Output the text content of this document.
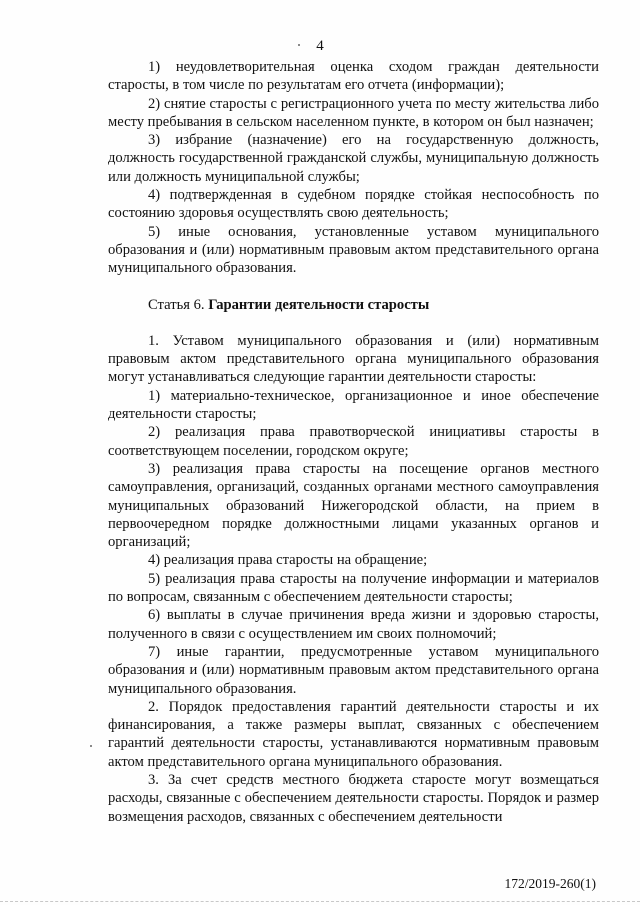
4

1) неудовлетворительная оценка сходом граждан деятельности старосты, в том числе по результатам его отчета (информации);

2) снятие старосты с регистрационного учета по месту жительства либо месту пребывания в сельском населенном пункте, в котором он был назначен;

3) избрание (назначение) его на государственную должность, должность государственной гражданской службы, муниципальную должность или должность муниципальной службы;

4) подтвержденная в судебном порядке стойкая неспособность по состоянию здоровья осуществлять свою деятельность;

5) иные основания, установленные уставом муниципального образования и (или) нормативным правовым актом представительного органа муниципального образования.

Статья 6. Гарантии деятельности старосты

1. Уставом муниципального образования и (или) нормативным правовым актом представительного органа муниципального образования могут устанавливаться следующие гарантии деятельности старосты:

1) материально-техническое, организационное и иное обеспечение деятельности старосты;

2) реализация права правотворческой инициативы старосты в соответствующем поселении, городском округе;

3) реализация права старосты на посещение органов местного самоуправления, организаций, созданных органами местного самоуправления муниципальных образований Нижегородской области, на прием в первоочередном порядке должностными лицами указанных органов и организаций;

4) реализация права старосты на обращение;

5) реализация права старосты на получение информации и материалов по вопросам, связанным с обеспечением деятельности старосты;

6) выплаты в случае причинения вреда жизни и здоровью старосты, полученного в связи с осуществлением им своих полномочий;

7) иные гарантии, предусмотренные уставом муниципального образования и (или) нормативным правовым актом представительного органа муниципального образования.

2. Порядок предоставления гарантий деятельности старосты и их финансирования, а также размеры выплат, связанных с обеспечением гарантий деятельности старосты, устанавливаются нормативным правовым актом представительного органа муниципального образования.

3. За счет средств местного бюджета старосте могут возмещаться расходы, связанные с обеспечением деятельности старосты. Порядок и размер возмещения расходов, связанных с обеспечением деятельности

172/2019-260(1)
